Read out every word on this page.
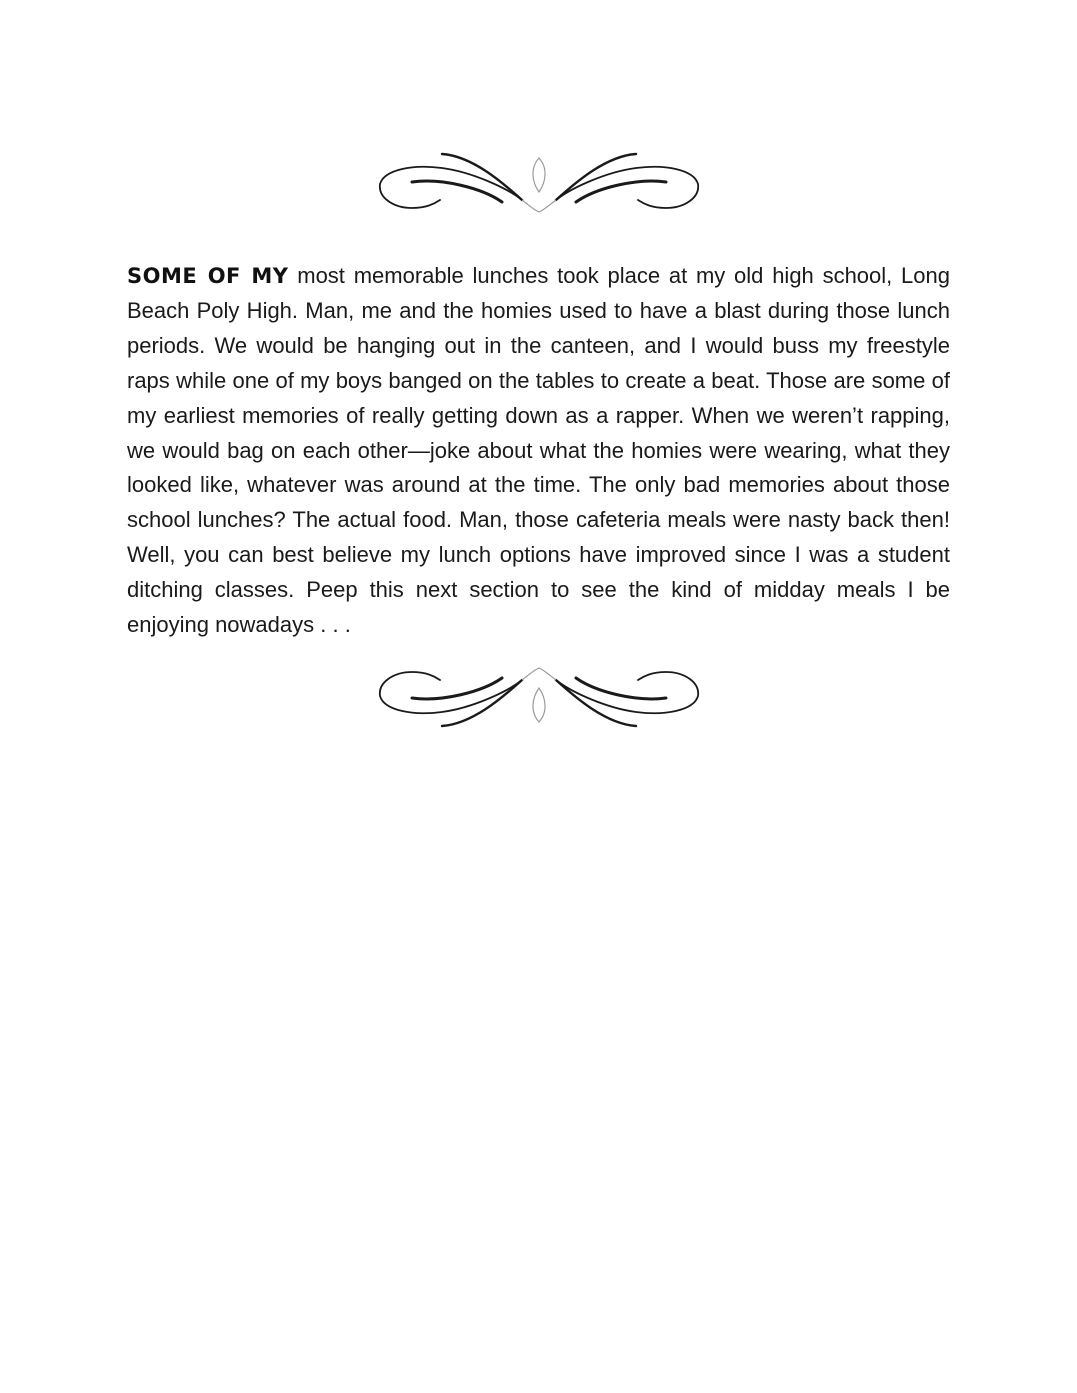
SOME OF MY most memorable lunches took place at my old high school, Long Beach Poly High. Man, me and the homies used to have a blast during those lunch periods. We would be hanging out in the canteen, and I would buss my freestyle raps while one of my boys banged on the tables to create a beat. Those are some of my earliest memories of really getting down as a rapper. When we weren’t rapping, we would bag on each other—joke about what the homies were wearing, what they looked like, whatever was around at the time. The only bad memories about those school lunches? The actual food. Man, those cafeteria meals were nasty back then! Well, you can best believe my lunch options have improved since I was a student ditching classes. Peep this next section to see the kind of midday meals I be enjoying nowadays . . .
